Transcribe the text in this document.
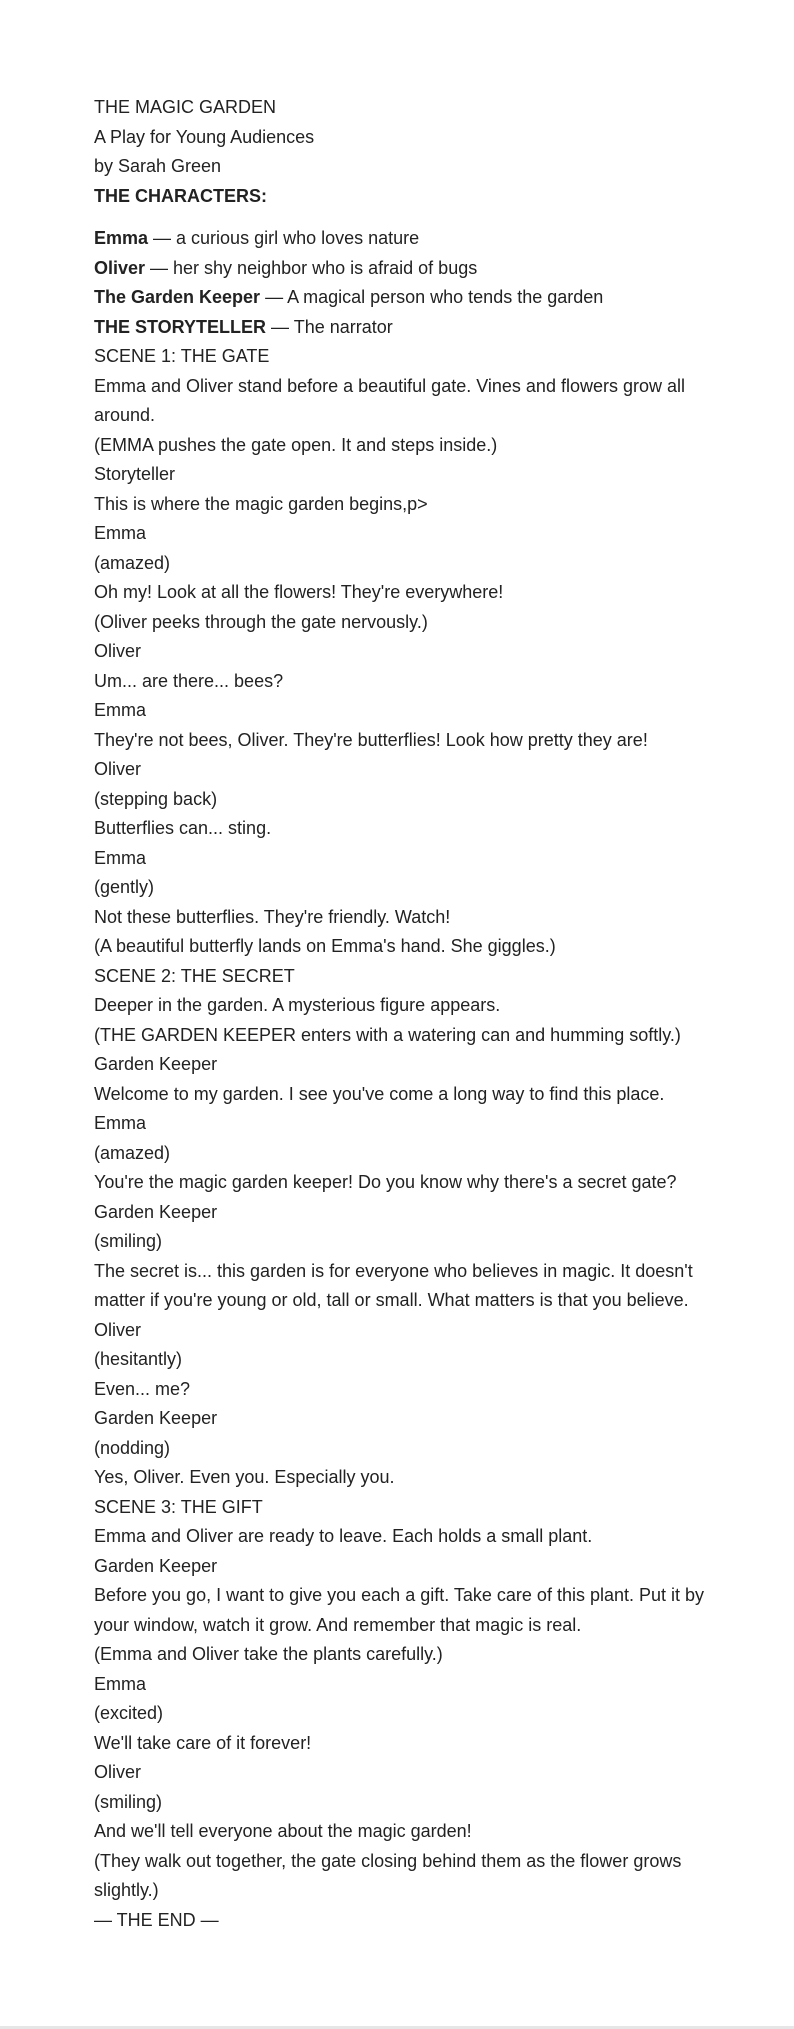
THE MAGIC GARDEN

A Play for Young Audiences

by Sarah Green

THE CHARACTERS:

Emma — a curious girl who loves nature

Oliver — her shy neighbor who is afraid of bugs

The Garden Keeper — A magical person who tends the garden

THE STORYTELLER — The narrator

SCENE 1: THE GATE

Emma and Oliver stand before a beautiful gate. Vines and flowers grow all around.

(EMMA pushes the gate open. It and steps inside.)

Storyteller

This is where the magic garden begins,p>

Emma

(amazed)

Oh my! Look at all the flowers! They're everywhere!

(Oliver peeks through the gate nervously.)

Oliver

Um... are there... bees?

Emma

They're not bees, Oliver. They're butterflies! Look how pretty they are!

Oliver

(stepping back)

Butterflies can... sting.

Emma

(gently)

Not these butterflies. They're friendly. Watch!

(A beautiful butterfly lands on Emma's hand. She giggles.)

SCENE 2: THE SECRET

Deeper in the garden. A mysterious figure appears.

(THE GARDEN KEEPER enters with a watering can and humming softly.)

Garden Keeper

Welcome to my garden. I see you've come a long way to find this place.

Emma

(amazed)

You're the magic garden keeper! Do you know why there's a secret gate?

Garden Keeper

(smiling)

The secret is... this garden is for everyone who believes in magic. It doesn't matter if you're young or old, tall or small. What matters is that you believe.

Oliver

(hesitantly)

Even... me?

Garden Keeper

(nodding)

Yes, Oliver. Even you. Especially you.

SCENE 3: THE GIFT

Emma and Oliver are ready to leave. Each holds a small plant.

Garden Keeper

Before you go, I want to give you each a gift. Take care of this plant. Put it by your window, watch it grow. And remember that magic is real.

(Emma and Oliver take the plants carefully.)

Emma

(excited)

We'll take care of it forever!

Oliver

(smiling)

And we'll tell everyone about the magic garden!

(They walk out together, the gate closing behind them as the flower grows slightly.)

— THE END —
